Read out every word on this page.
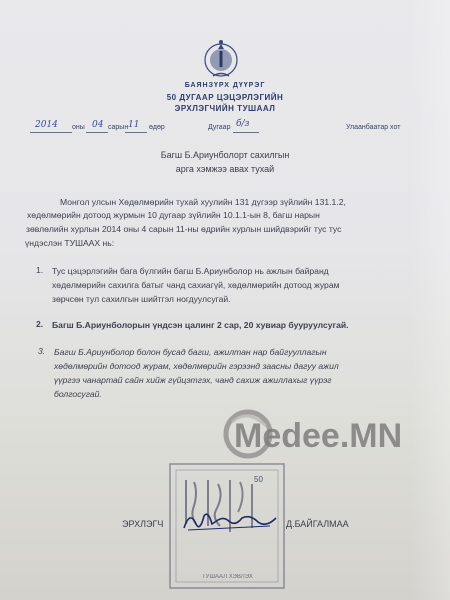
БАЯНЗҮРХ ДҮҮРЭГ
50 ДУГААР ЦЭЦЭРЛЭГИЙН
ЭРХЛЭГЧИЙН ТУШААЛ
2014 оны 04 сарын 11 өдөр	Дугаар б/з	Улаанбаатар хот
Багш Б.Ариунболорт сахилгын
арга хэмжээ авах тухай
Монгол улсын Хөдөлмөрийн тухай хуулийн 131 дүгээр зүйлийн 131.1.2,
хөдөлмөрийн дотоод журмын 10 дугаар зүйлийн 10.1.1-ын 8, багш нарын
зөвлөлийн хурлын 2014 оны 4 сарын 11-ны өдрийн хурлын шийдвэрийг тус тус
үндэслэн ТУШААХ нь:
1. Тус цэцэрлэгийн бага бүлгийн багш Б.Ариунболор нь ажлын байранд
хөдөлмөрийн сахилга батыг чанд сахиагүй, хөдөлмөрийн дотоод журам
зөрчсөн тул сахилгын шийтгэл ногдуулсугай.
2. Багш Б.Ариунболорын үндсэн цалинг 2 сар, 20 хувиар бууруулсугай.
3. Багш Б.Ариунболор болон бусад багш, ажилтан нар байгууллагын
хөдөлмөрийн дотоод журам, хөдөлмөрийн гэрээнд заасны дагуу ажил
үүргээ чанартай сайн хийж гүйцэтгэх, чанд сахиж ажиллахыг үүрэг
болгосугай.
Medee.MN
50
ТУШААЛ ХЭВЛЭХ
ЭРХЛЭГЧ	Д.БАЙГАЛМАА
